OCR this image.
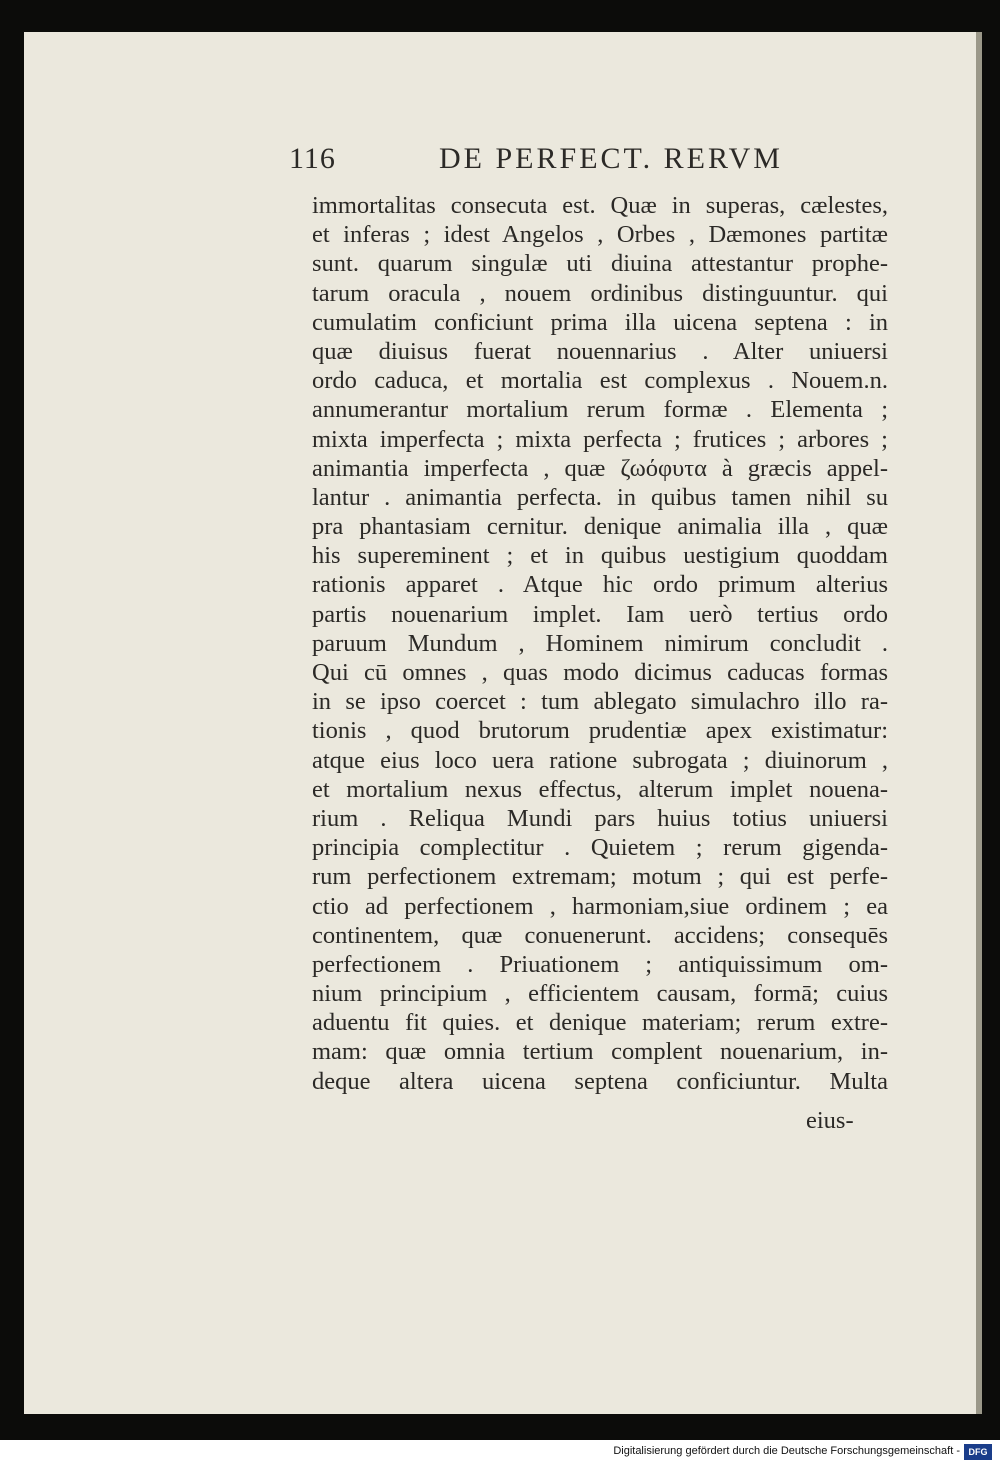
116	DE PERFECT. RERVM
immortalitas consecuta est. Quæ in superas, cælestes,
et inferas ; idest Angelos , Orbes , Dæmones partitæ
sunt. quarum singulæ uti diuina attestantur prophe-
tarum oracula , nouem ordinibus distinguuntur. qui
cumulatim conficiunt prima illa uicena septena : in
quæ diuisus fuerat nouennarius . Alter uniuersi
ordo caduca, et mortalia est complexus . Nouem.n.
annumerantur mortalium rerum formæ . Elementa ;
mixta imperfecta ; mixta perfecta ; frutices ; arbores ;
animantia imperfecta , quæ ζωόφυτα à græcis appel-
lantur . animantia perfecta. in quibus tamen nihil su
pra phantasiam cernitur. denique animalia illa , quæ
his supereminent ; et in quibus uestigium quoddam
rationis apparet . Atque hic ordo primum alterius
partis nouenarium implet. Iam uerò tertius ordo
paruum Mundum , Hominem nimirum concludit .
Qui cū omnes , quas modo dicimus caducas formas
in se ipso coercet : tum ablegato simulachro illo ra-
tionis , quod brutorum prudentiæ apex existimatur:
atque eius loco uera ratione subrogata ; diuinorum ,
et mortalium nexus effectus, alterum implet nouena-
rium . Reliqua Mundi pars huius totius uniuersi
principia complectitur . Quietem ; rerum gigenda-
rum perfectionem extremam; motum ; qui est perfe-
ctio ad perfectionem , harmoniam,siue ordinem ; ea
continentem, quæ conuenerunt. accidens; consequēs
perfectionem . Priuationem ; antiquissimum om-
nium principium , efficientem causam, formā; cuius
aduentu fit quies. et denique materiam; rerum extre-
mam: quæ omnia tertium complent nouenarium, in-
deque altera uicena septena conficiuntur. Multa
eius-
Digitalisierung gefördert durch die Deutsche Forschungsgemeinschaft - DFG
